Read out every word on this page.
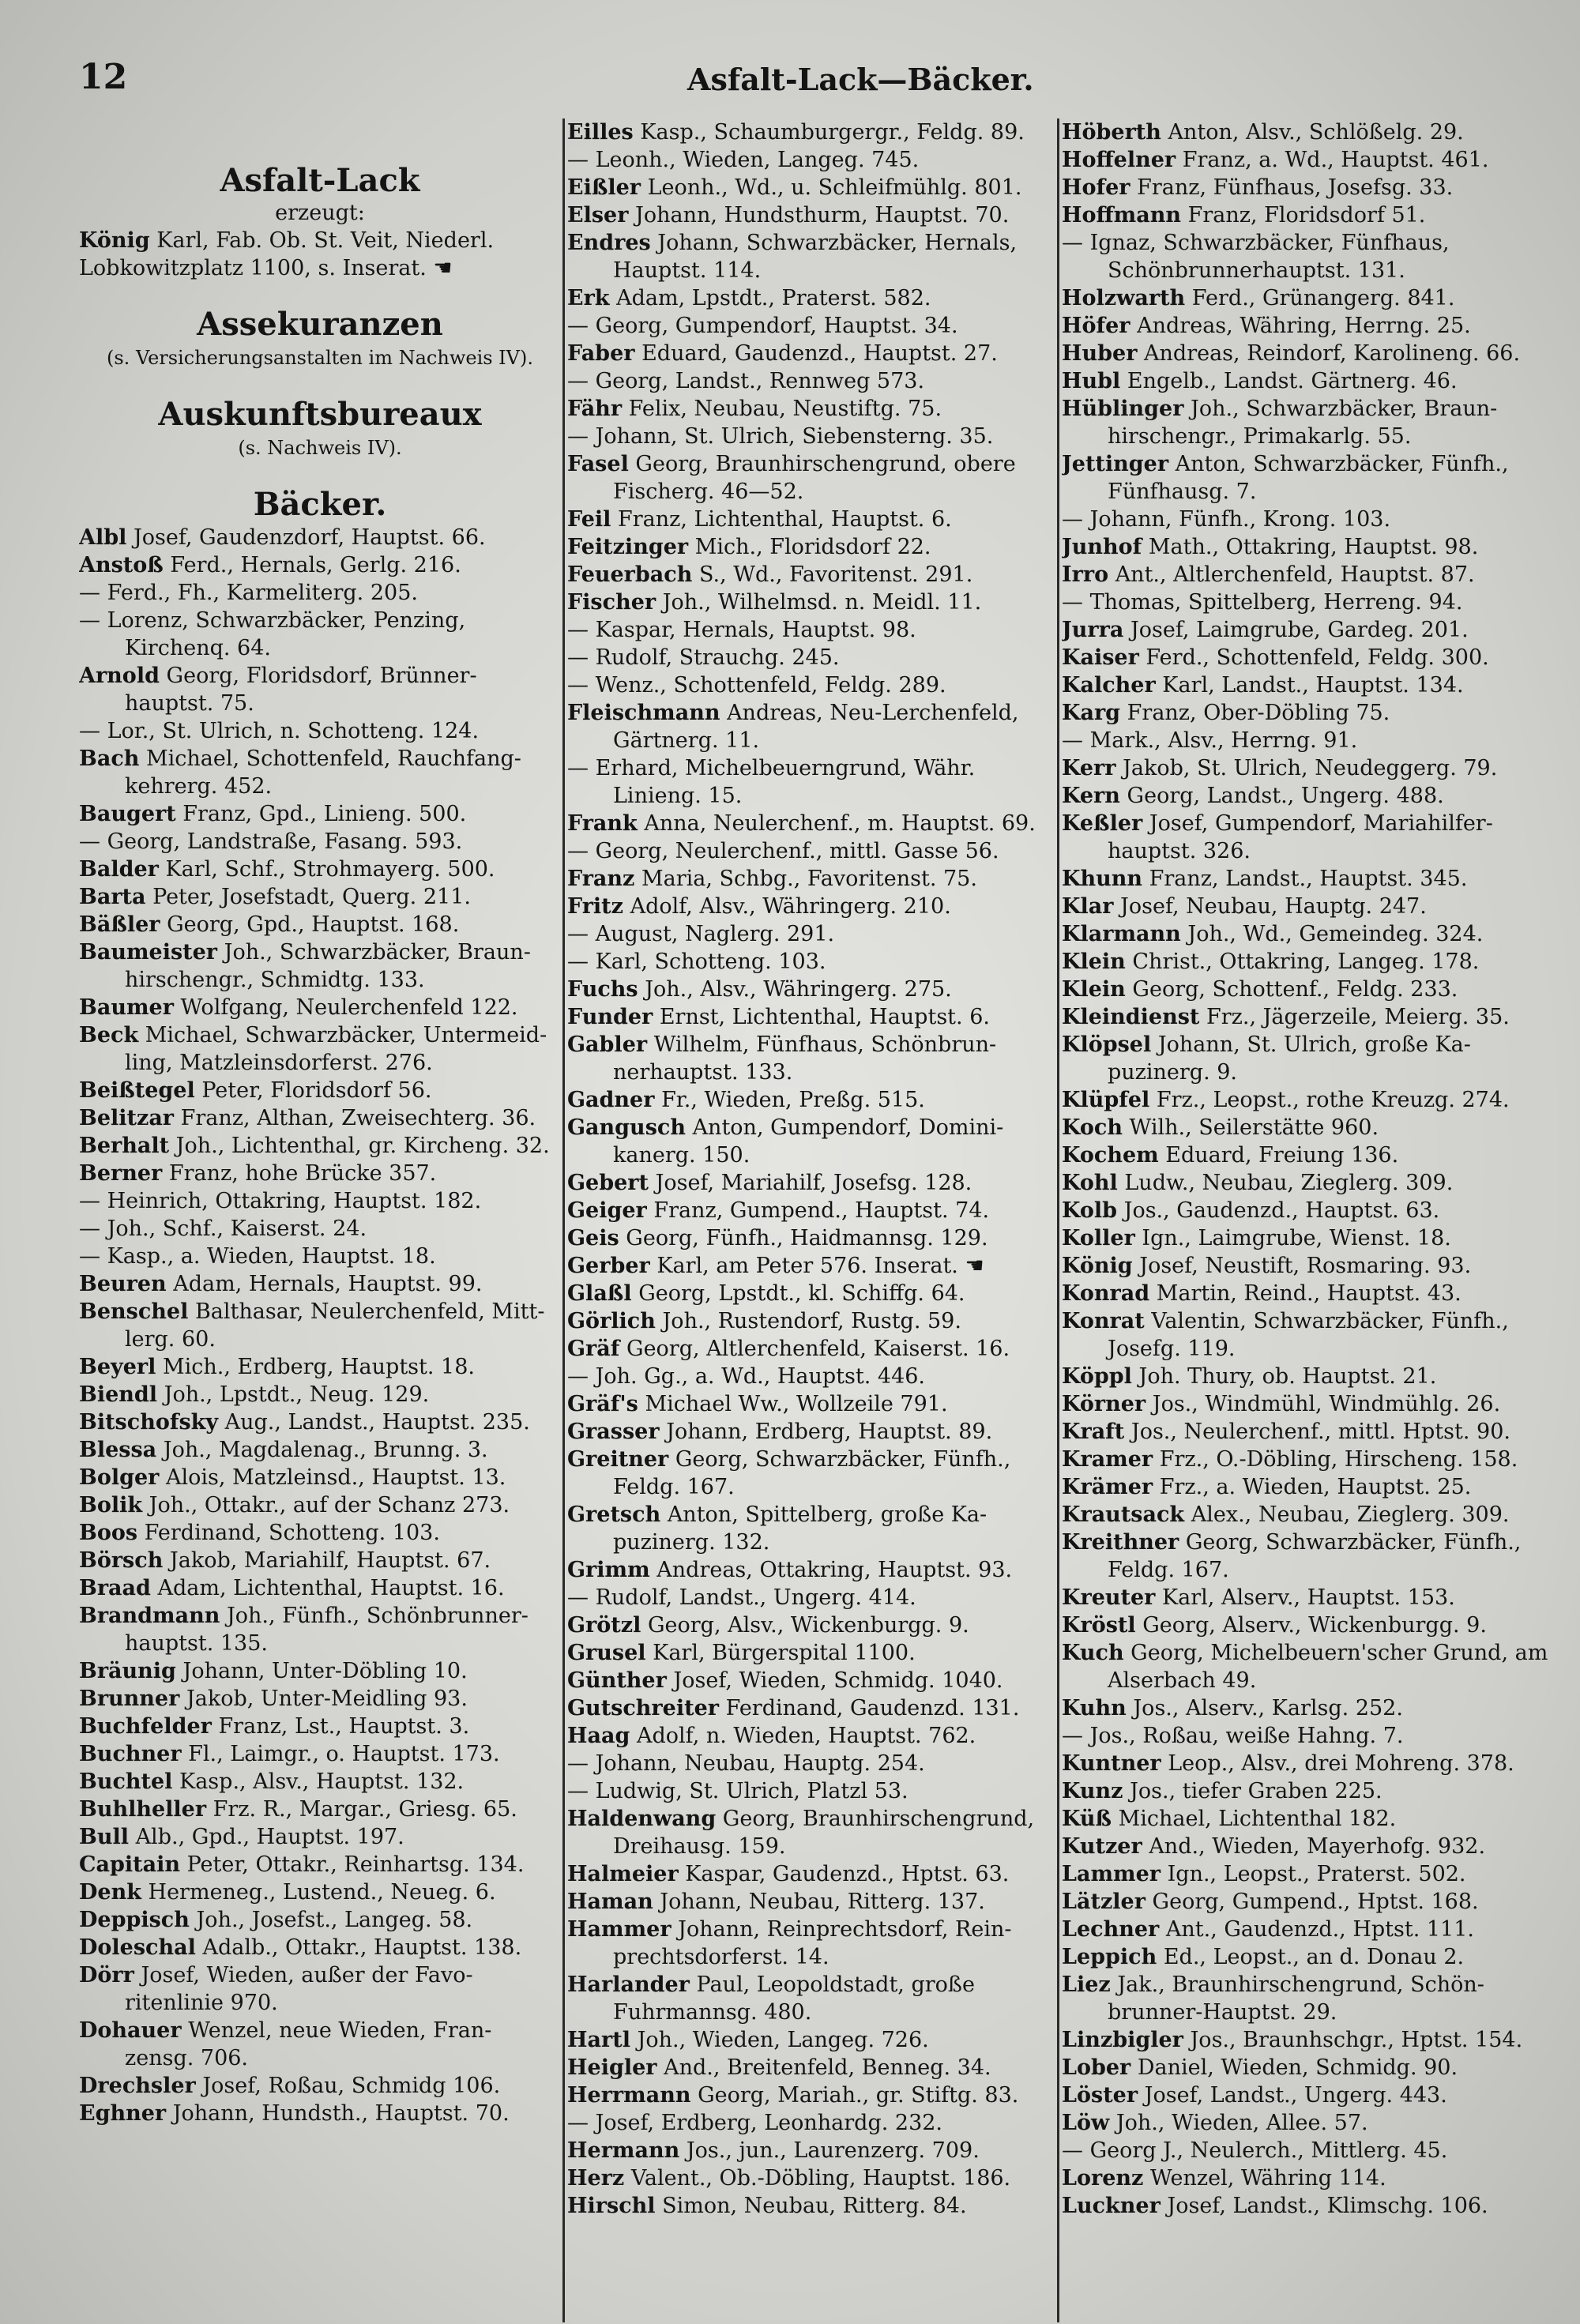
12	Asfalt-Lack—Bäcker.
Asfalt-Lack
erzeugt:
König Karl, Fab. Ob. St. Veit, Niederl.
Lobkowitzplatz 1100, s. Inserat. ☚
Assekuranzen
(s. Versicherungsanstalten im Nachweis IV).
Auskunftsbureaux
(s. Nachweis IV).
Bäcker.
Albl Josef, Gaudenzdorf, Hauptst. 66.
Anstoß Ferd., Hernals, Gerlg. 216.
— Ferd., Fh., Karmeliterg. 205.
— Lorenz, Schwarzbäcker, Penzing,
Kirchenq. 64.
Arnold Georg, Floridsdorf, Brünner-
hauptst. 75.
— Lor., St. Ulrich, n. Schotteng. 124.
Bach Michael, Schottenfeld, Rauchfang-
kehrerg. 452.
Baugert Franz, Gpd., Linieng. 500.
— Georg, Landstraße, Fasang. 593.
Balder Karl, Schf., Strohmayerg. 500.
Barta Peter, Josefstadt, Querg. 211.
Bäßler Georg, Gpd., Hauptst. 168.
Baumeister Joh., Schwarzbäcker, Braun-
hirschengr., Schmidtg. 133.
Baumer Wolfgang, Neulerchenfeld 122.
Beck Michael, Schwarzbäcker, Untermeid-
ling, Matzleinsdorferst. 276.
Beißtegel Peter, Floridsdorf 56.
Belitzar Franz, Althan, Zweisechterg. 36.
Berhalt Joh., Lichtenthal, gr. Kircheng. 32.
Berner Franz, hohe Brücke 357.
— Heinrich, Ottakring, Hauptst. 182.
— Joh., Schf., Kaiserst. 24.
— Kasp., a. Wieden, Hauptst. 18.
Beuren Adam, Hernals, Hauptst. 99.
Benschel Balthasar, Neulerchenfeld, Mitt-
lerg. 60.
Beyerl Mich., Erdberg, Hauptst. 18.
Biendl Joh., Lpstdt., Neug. 129.
Bitschofsky Aug., Landst., Hauptst. 235.
Blessa Joh., Magdalenag., Brunng. 3.
Bolger Alois, Matzleinsd., Hauptst. 13.
Bolik Joh., Ottakr., auf der Schanz 273.
Boos Ferdinand, Schotteng. 103.
Börsch Jakob, Mariahilf, Hauptst. 67.
Braad Adam, Lichtenthal, Hauptst. 16.
Brandmann Joh., Fünfh., Schönbrunner-
hauptst. 135.
Bräunig Johann, Unter-Döbling 10.
Brunner Jakob, Unter-Meidling 93.
Buchfelder Franz, Lst., Hauptst. 3.
Buchner Fl., Laimgr., o. Hauptst. 173.
Buchtel Kasp., Alsv., Hauptst. 132.
Buhlheller Frz. R., Margar., Griesg. 65.
Bull Alb., Gpd., Hauptst. 197.
Capitain Peter, Ottakr., Reinhartsg. 134.
Denk Hermeneg., Lustend., Neueg. 6.
Deppisch Joh., Josefst., Langeg. 58.
Doleschal Adalb., Ottakr., Hauptst. 138.
Dörr Josef, Wieden, außer der Favo-
ritenlinie 970.
Dohauer Wenzel, neue Wieden, Fran-
zensg. 706.
Drechsler Josef, Roßau, Schmidg 106.
Eghner Johann, Hundsth., Hauptst. 70.
Eilles Kasp., Schaumburgergr., Feldg. 89.
— Leonh., Wieden, Langeg. 745.
Eißler Leonh., Wd., u. Schleifmühlg. 801.
Elser Johann, Hundsthurm, Hauptst. 70.
Endres Johann, Schwarzbäcker, Hernals,
Hauptst. 114.
Erk Adam, Lpstdt., Praterst. 582.
— Georg, Gumpendorf, Hauptst. 34.
Faber Eduard, Gaudenzd., Hauptst. 27.
— Georg, Landst., Rennweg 573.
Fähr Felix, Neubau, Neustiftg. 75.
— Johann, St. Ulrich, Siebensterng. 35.
Fasel Georg, Braunhirschengrund, obere
Fischerg. 46—52.
Feil Franz, Lichtenthal, Hauptst. 6.
Feitzinger Mich., Floridsdorf 22.
Feuerbach S., Wd., Favoritenst. 291.
Fischer Joh., Wilhelmsd. n. Meidl. 11.
— Kaspar, Hernals, Hauptst. 98.
— Rudolf, Strauchg. 245.
— Wenz., Schottenfeld, Feldg. 289.
Fleischmann Andreas, Neu-Lerchenfeld,
Gärtnerg. 11.
— Erhard, Michelbeuerngrund, Währ.
Linieng. 15.
Frank Anna, Neulerchenf., m. Hauptst. 69.
— Georg, Neulerchenf., mittl. Gasse 56.
Franz Maria, Schbg., Favoritenst. 75.
Fritz Adolf, Alsv., Währingerg. 210.
— August, Naglerg. 291.
— Karl, Schotteng. 103.
Fuchs Joh., Alsv., Währingerg. 275.
Funder Ernst, Lichtenthal, Hauptst. 6.
Gabler Wilhelm, Fünfhaus, Schönbrun-
nerhauptst. 133.
Gadner Fr., Wieden, Preßg. 515.
Gangusch Anton, Gumpendorf, Domini-
kanerg. 150.
Gebert Josef, Mariahilf, Josefsg. 128.
Geiger Franz, Gumpend., Hauptst. 74.
Geis Georg, Fünfh., Haidmannsg. 129.
Gerber Karl, am Peter 576. Inserat. ☚
Glaßl Georg, Lpstdt., kl. Schiffg. 64.
Görlich Joh., Rustendorf, Rustg. 59.
Gräf Georg, Altlerchenfeld, Kaiserst. 16.
— Joh. Gg., a. Wd., Hauptst. 446.
Gräf's Michael Ww., Wollzeile 791.
Grasser Johann, Erdberg, Hauptst. 89.
Greitner Georg, Schwarzbäcker, Fünfh.,
Feldg. 167.
Gretsch Anton, Spittelberg, große Ka-
puzinerg. 132.
Grimm Andreas, Ottakring, Hauptst. 93.
— Rudolf, Landst., Ungerg. 414.
Grötzl Georg, Alsv., Wickenburgg. 9.
Grusel Karl, Bürgerspital 1100.
Günther Josef, Wieden, Schmidg. 1040.
Gutschreiter Ferdinand, Gaudenzd. 131.
Haag Adolf, n. Wieden, Hauptst. 762.
— Johann, Neubau, Hauptg. 254.
— Ludwig, St. Ulrich, Platzl 53.
Haldenwang Georg, Braunhirschengrund,
Dreihausg. 159.
Halmeier Kaspar, Gaudenzd., Hptst. 63.
Haman Johann, Neubau, Ritterg. 137.
Hammer Johann, Reinprechtsdorf, Rein-
prechtsdorferst. 14.
Harlander Paul, Leopoldstadt, große
Fuhrmannsg. 480.
Hartl Joh., Wieden, Langeg. 726.
Heigler And., Breitenfeld, Benneg. 34.
Herrmann Georg, Mariah., gr. Stiftg. 83.
— Josef, Erdberg, Leonhardg. 232.
Hermann Jos., jun., Laurenzerg. 709.
Herz Valent., Ob.-Döbling, Hauptst. 186.
Hirschl Simon, Neubau, Ritterg. 84.
Höberth Anton, Alsv., Schlößelg. 29.
Hoffelner Franz, a. Wd., Hauptst. 461.
Hofer Franz, Fünfhaus, Josefsg. 33.
Hoffmann Franz, Floridsdorf 51.
— Ignaz, Schwarzbäcker, Fünfhaus,
Schönbrunnerhauptst. 131.
Holzwarth Ferd., Grünangerg. 841.
Höfer Andreas, Währing, Herrng. 25.
Huber Andreas, Reindorf, Karolineng. 66.
Hubl Engelb., Landst. Gärtnerg. 46.
Hüblinger Joh., Schwarzbäcker, Braun-
hirschengr., Primakarlg. 55.
Jettinger Anton, Schwarzbäcker, Fünfh.,
Fünfhausg. 7.
— Johann, Fünfh., Krong. 103.
Junhof Math., Ottakring, Hauptst. 98.
Irro Ant., Altlerchenfeld, Hauptst. 87.
— Thomas, Spittelberg, Herreng. 94.
Jurra Josef, Laimgrube, Gardeg. 201.
Kaiser Ferd., Schottenfeld, Feldg. 300.
Kalcher Karl, Landst., Hauptst. 134.
Karg Franz, Ober-Döbling 75.
— Mark., Alsv., Herrng. 91.
Kerr Jakob, St. Ulrich, Neudeggerg. 79.
Kern Georg, Landst., Ungerg. 488.
Keßler Josef, Gumpendorf, Mariahilfer-
hauptst. 326.
Khunn Franz, Landst., Hauptst. 345.
Klar Josef, Neubau, Hauptg. 247.
Klarmann Joh., Wd., Gemeindeg. 324.
Klein Christ., Ottakring, Langeg. 178.
Klein Georg, Schottenf., Feldg. 233.
Kleindienst Frz., Jägerzeile, Meierg. 35.
Klöpsel Johann, St. Ulrich, große Ka-
puzinerg. 9.
Klüpfel Frz., Leopst., rothe Kreuzg. 274.
Koch Wilh., Seilerstätte 960.
Kochem Eduard, Freiung 136.
Kohl Ludw., Neubau, Zieglerg. 309.
Kolb Jos., Gaudenzd., Hauptst. 63.
Koller Ign., Laimgrube, Wienst. 18.
König Josef, Neustift, Rosmaring. 93.
Konrad Martin, Reind., Hauptst. 43.
Konrat Valentin, Schwarzbäcker, Fünfh.,
Josefg. 119.
Köppl Joh. Thury, ob. Hauptst. 21.
Körner Jos., Windmühl, Windmühlg. 26.
Kraft Jos., Neulerchenf., mittl. Hptst. 90.
Kramer Frz., O.-Döbling, Hirscheng. 158.
Krämer Frz., a. Wieden, Hauptst. 25.
Krautsack Alex., Neubau, Zieglerg. 309.
Kreithner Georg, Schwarzbäcker, Fünfh.,
Feldg. 167.
Kreuter Karl, Alserv., Hauptst. 153.
Kröstl Georg, Alserv., Wickenburgg. 9.
Kuch Georg, Michelbeuern'scher Grund, am
Alserbach 49.
Kuhn Jos., Alserv., Karlsg. 252.
— Jos., Roßau, weiße Hahng. 7.
Kuntner Leop., Alsv., drei Mohreng. 378.
Kunz Jos., tiefer Graben 225.
Küß Michael, Lichtenthal 182.
Kutzer And., Wieden, Mayerhofg. 932.
Lammer Ign., Leopst., Praterst. 502.
Lätzler Georg, Gumpend., Hptst. 168.
Lechner Ant., Gaudenzd., Hptst. 111.
Leppich Ed., Leopst., an d. Donau 2.
Liez Jak., Braunhirschengrund, Schön-
brunner-Hauptst. 29.
Linzbigler Jos., Braunhschgr., Hptst. 154.
Lober Daniel, Wieden, Schmidg. 90.
Löster Josef, Landst., Ungerg. 443.
Löw Joh., Wieden, Allee. 57.
— Georg J., Neulerch., Mittlerg. 45.
Lorenz Wenzel, Währing 114.
Luckner Josef, Landst., Klimschg. 106.
